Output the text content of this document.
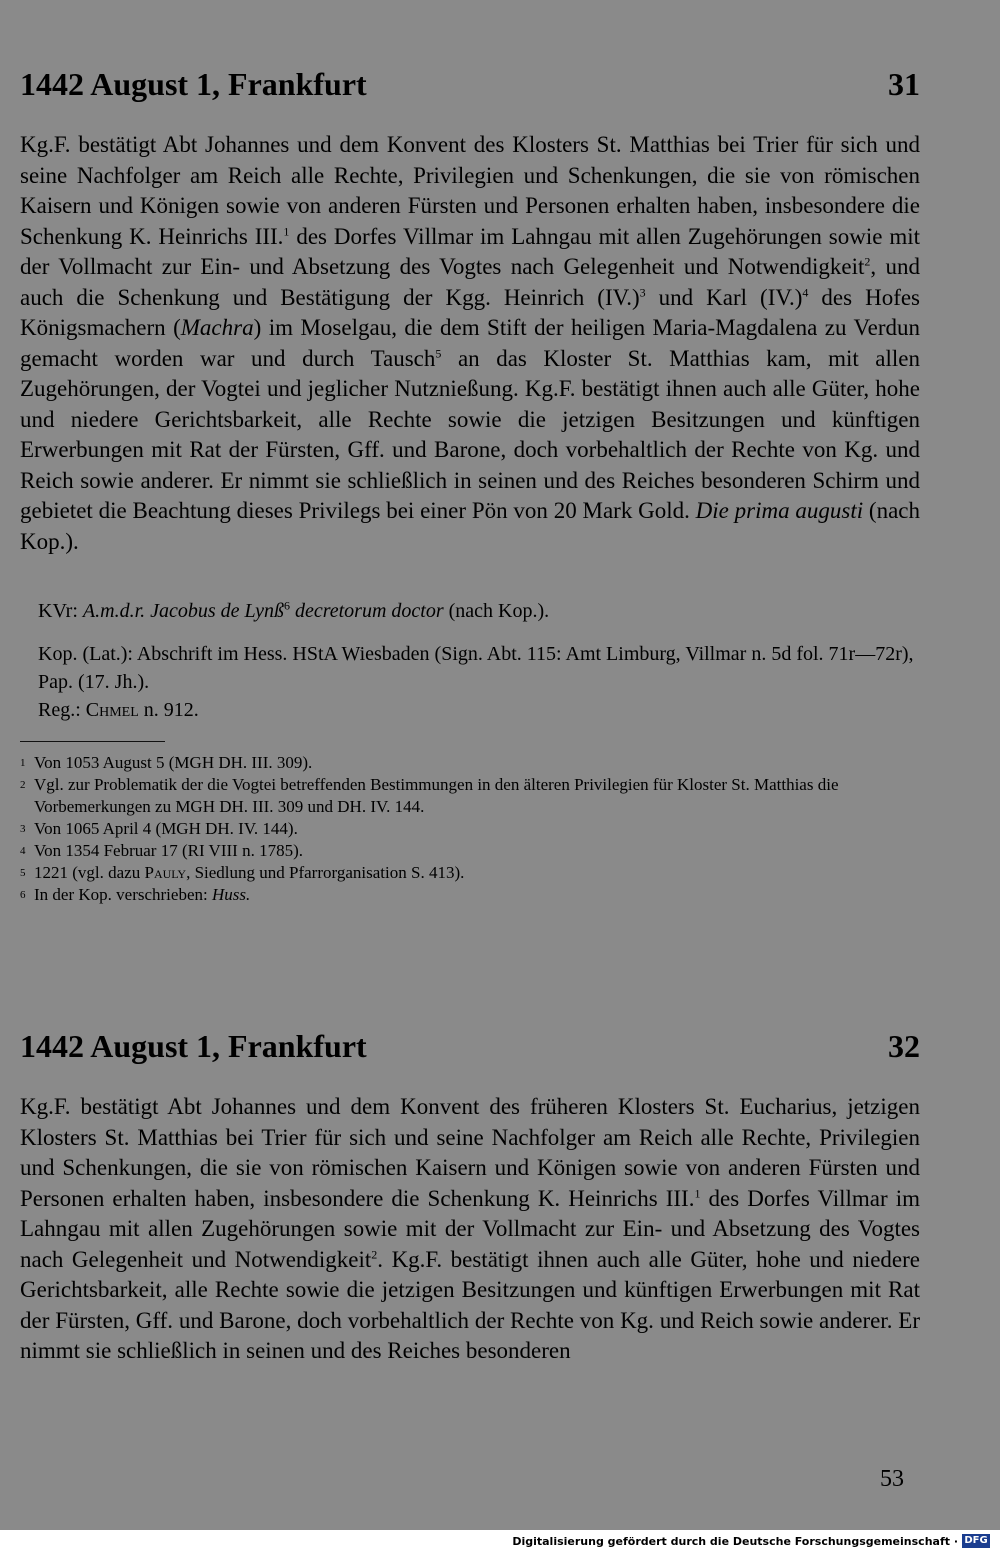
1442 August 1, Frankfurt	31

Kg.F. bestätigt Abt Johannes und dem Konvent des Klosters St. Matthias bei Trier für sich und seine Nachfolger am Reich alle Rechte, Privilegien und Schenkungen, die sie von römischen Kaisern und Königen sowie von anderen Fürsten und Personen erhalten haben, insbesondere die Schenkung K. Heinrichs III.$^1$ des Dorfes Villmar im Lahngau mit allen Zugehörungen sowie mit der Vollmacht zur Ein- und Absetzung des Vogtes nach Gelegenheit und Notwendigkeit$^2$, und auch die Schenkung und Bestätigung der Kgg. Heinrich $(IV.)^3$ und Karl $(IV.)^4$ des Hofes Königsmachern (Machra) im Moselgau, die dem Stift der heiligen Maria-Magdalena zu Verdun gemacht worden war und durch Tausch$^5$ an das Kloster St. Matthias kam, mit allen Zugehörungen, der Vogtei und jeglicher Nutznießung. Kg.F. bestätigt ihnen auch alle Güter, hohe und niedere Gerichtsbarkeit, alle Rechte sowie die jetzigen Besitzungen und künftigen Erwerbungen mit Rat der Fürsten, Gff. und Barone, doch vorbehaltlich der Rechte von Kg. und Reich sowie anderer. Er nimmt sie schließlich in seinen und des Reiches besonderen Schirm und gebietet die Beachtung dieses Privilegs bei einer Pön von 20 Mark Gold. Die prima augusti (nach Kop.).

KVr: A.m.d.r. Jacobus de Lynß$^6$ decretorum doctor (nach Kop.).

Kop. (Lat.): Abschrift im Hess. HStA Wiesbaden (Sign. Abt. 115: Amt Limburg, Villmar n. 5d fol. 71r—72r), Pap. (17. Jh.).

Reg.: Chmel n. 912.

1 Von 1053 August 5 (MGH DH. III. 309).
2 Vgl. zur Problematik der die Vogtei betreffenden Bestimmungen in den älteren Privilegien für Kloster St. Matthias die Vorbemerkungen zu MGH DH. III. 309 und DH. IV. 144.
3 Von 1065 April 4 (MGH DH. IV. 144).
4 Von 1354 Februar 17 (RI VIII n. 1785).
5 1221 (vgl. dazu Pauly, Siedlung und Pfarrorganisation S. 413).
6 In der Kop. verschrieben: Huss.
1442 August 1, Frankfurt	32

Kg.F. bestätigt Abt Johannes und dem Konvent des früheren Klosters St. Eucharius, jetzigen Klosters St. Matthias bei Trier für sich und seine Nachfolger am Reich alle Rechte, Privilegien und Schenkungen, die sie von römischen Kaisern und Königen sowie von anderen Fürsten und Personen erhalten haben, insbesondere die Schenkung K. Heinrichs III.$^1$ des Dorfes Villmar im Lahngau mit allen Zugehörungen sowie mit der Vollmacht zur Ein- und Absetzung des Vogtes nach Gelegenheit und Notwendigkeit$^2$. Kg.F. bestätigt ihnen auch alle Güter, hohe und niedere Gerichtsbarkeit, alle Rechte sowie die jetzigen Besitzungen und künftigen Erwerbungen mit Rat der Fürsten, Gff. und Barone, doch vorbehaltlich der Rechte von Kg. und Reich sowie anderer. Er nimmt sie schließlich in seinen und des Reiches besonderen

53
Digitalisierung gefördert durch die Deutsche Forschungsgemeinschaft · DFG
